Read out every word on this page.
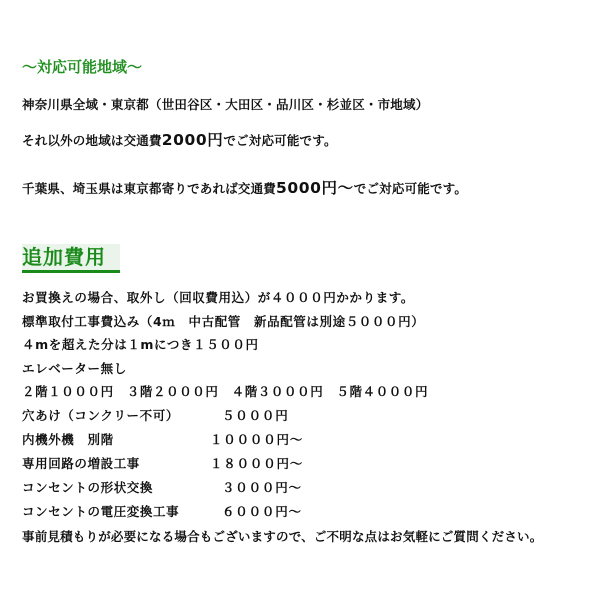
～対応可能地域～
神奈川県全域・東京都（世田谷区・大田区・品川区・杉並区・市地域）
それ以外の地域は交通費2000円でご対応可能です。
千葉県、埼玉県は東京都寄りであれば交通費5000円～でご対応可能です。
追加費用
お買換えの場合、取外し（回収費用込）が４０００円かかります。
標準取付工事費込み（4ｍ　中古配管　新品配管は別途５０００円）
４mを超えた分は１mにつき１５００円
エレベーター無し
２階１０００円　３階２０００円　４階３０００円　５階４０００円
穴あけ（コンクリー不可）	５０００円
内機外機　別階	１００００円～
専用回路の増設工事	１８０００円～
コンセントの形状交換	３０００円～
コンセントの電圧変換工事	６０００円～
事前見積もりが必要になる場合もございますので、ご不明な点はお気軽にご質問ください。
